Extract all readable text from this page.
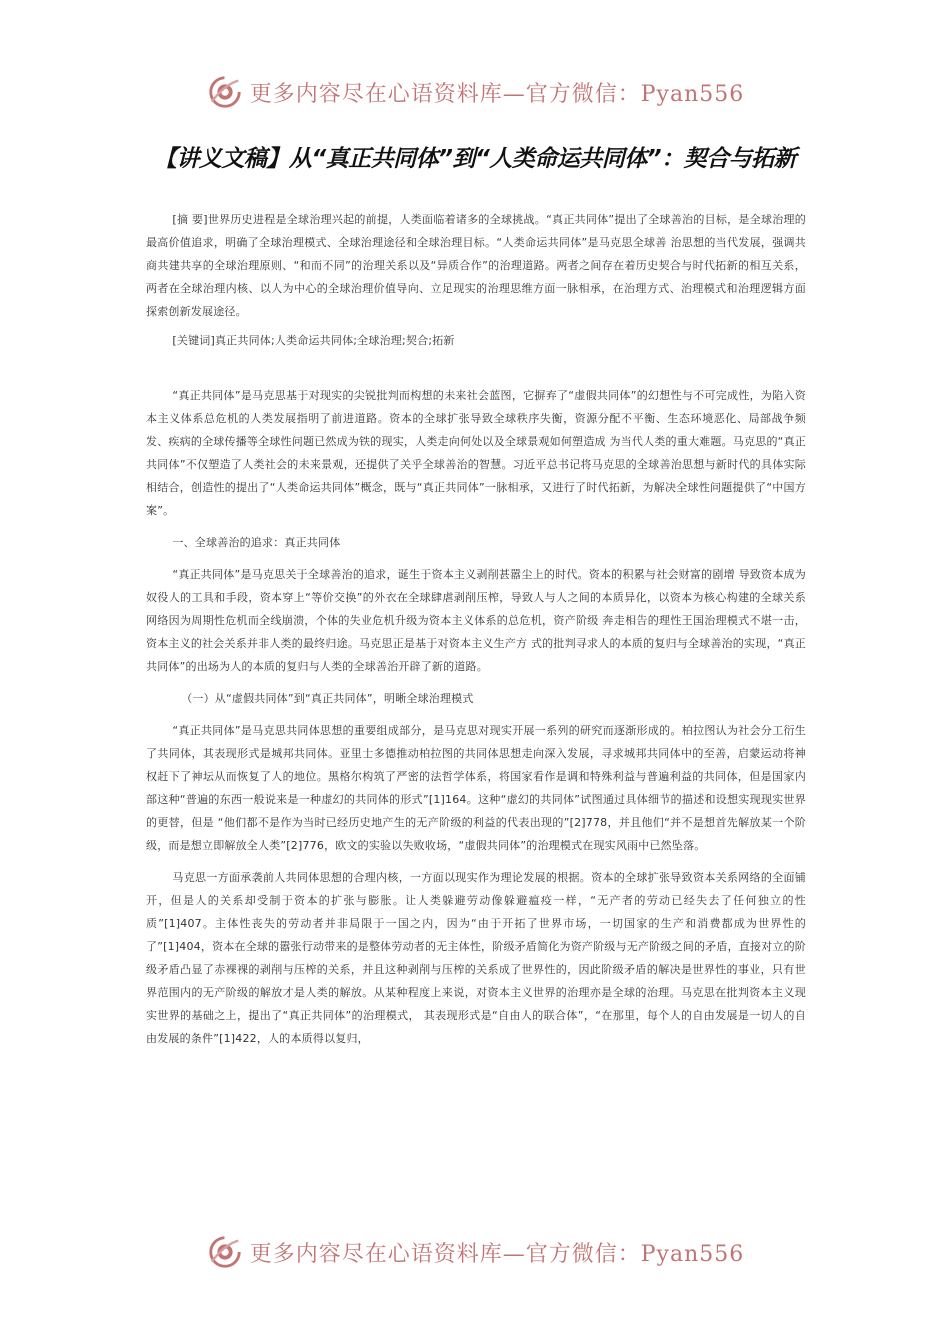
更多内容尽在心语资料库—官方微信：Pyan556
【讲义文稿】从“真正共同体”到“人类命运共同体”：契合与拓新

[摘 要]世界历史进程是全球治理兴起的前提，人类面临着诸多的全球挑战。“真正共同体”提出了全球善治的目标，是全球治理的最高价值追求，明确了全球治理模式、全球治理途径和全球治理目标。“人类命运共同体”是马克思全球善 治思想的当代发展，强调共商共建共享的全球治理原则、“和而不同”的治理关系以及“异质合作”的治理道路。两者之间存在着历史契合与时代拓新的相互关系，两者在全球治理内核、以人为中心的全球治理价值导向、立足现实的治理思维方面一脉相承，在治理方式、治理模式和治理逻辑方面探索创新发展途径。

[关键词]真正共同体;人类命运共同体;全球治理;契合;拓新

“真正共同体”是马克思基于对现实的尖锐批判而构想的未来社会蓝图，它摒弃了“虚假共同体”的幻想性与不可完成性，为陷入资本主义体系总危机的人类发展指明了前进道路。资本的全球扩张导致全球秩序失衡，资源分配不平衡、生态环境恶化、局部战争频发、疾病的全球传播等全球性问题已然成为铁的现实，人类走向何处以及全球景观如何塑造成 为当代人类的重大难题。马克思的“真正共同体”不仅塑造了人类社会的未来景观，还提供了关乎全球善治的智慧。习近平总书记将马克思的全球善治思想与新时代的具体实际相结合，创造性的提出了“人类命运共同体”概念，既与“真正共同体”一脉相承，又进行了时代拓新，为解决全球性问题提供了“中国方案”。

一、全球善治的追求：真正共同体

“真正共同体”是马克思关于全球善治的追求，诞生于资本主义剥削甚嚣尘上的时代。资本的积累与社会财富的剧增 导致资本成为奴役人的工具和手段，资本穿上“等价交换”的外衣在全球肆虐剥削压榨，导致人与人之间的本质异化，以资本为核心构建的全球关系网络因为周期性危机而全线崩溃，个体的失业危机升级为资本主义体系的总危机，资产阶级 奔走相告的理性王国治理模式不堪一击，资本主义的社会关系并非人类的最终归途。马克思正是基于对资本主义生产方 式的批判寻求人的本质的复归与全球善治的实现，“真正共同体”的出场为人的本质的复归与人类的全球善治开辟了新的道路。

（一）从“虚假共同体”到“真正共同体”，明晰全球治理模式

“真正共同体”是马克思共同体思想的重要组成部分，是马克思对现实开展一系列的研究而逐渐形成的。柏拉图认为社会分工衍生了共同体，其表现形式是城邦共同体。亚里士多德推动柏拉图的共同体思想走向深入发展，寻求城邦共同体中的至善，启蒙运动将神权赶下了神坛从而恢复了人的地位。黑格尔构筑了严密的法哲学体系，将国家看作是调和特殊利益与普遍利益的共同体，但是国家内部这种“普遍的东西一般说来是一种虚幻的共同体的形式”[1]164。这种“虚幻的共同体”试图通过具体细节的描述和设想实现现实世界的更替，但是 “他们都不是作为当时已经历史地产生的无产阶级的利益的代表出现的”[2]778，并且他们“并不是想首先解放某一个阶级，而是想立即解放全人类”[2]776，欧文的实验以失败收场，“虚假共同体”的治理模式在现实风雨中已然坠落。

马克思一方面承袭前人共同体思想的合理内核，一方面以现实作为理论发展的根据。资本的全球扩张导致资本关系网络的全面铺开，但是人的关系却受制于资本的扩张与膨胀。让人类躲避劳动像躲避瘟疫一样，“无产者的劳动已经失去了任何独立的性质”[1]407。主体性丧失的劳动者并非局限于一国之内，因为“由于开拓了世界市场，一切国家的生产和消费都成为世界性的了”[1]404，资本在全球的嚣张行动带来的是整体劳动者的无主体性，阶级矛盾简化为资产阶级与无产阶级之间的矛盾，直接对立的阶级矛盾凸显了赤裸裸的剥削与压榨的关系，并且这种剥削与压榨的关系成了世界性的，因此阶级矛盾的解决是世界性的事业，只有世界范围内的无产阶级的解放才是人类的解放。从某种程度上来说，对资本主义世界的治理亦是全球的治理。马克思在批判资本主义现实世界的基础之上，提出了“真正共同体”的治理模式， 其表现形式是“自由人的联合体”，“在那里，每个人的自由发展是一切人的自由发展的条件”[1]422，人的本质得以复归，

更多内容尽在心语资料库—官方微信：Pyan556
